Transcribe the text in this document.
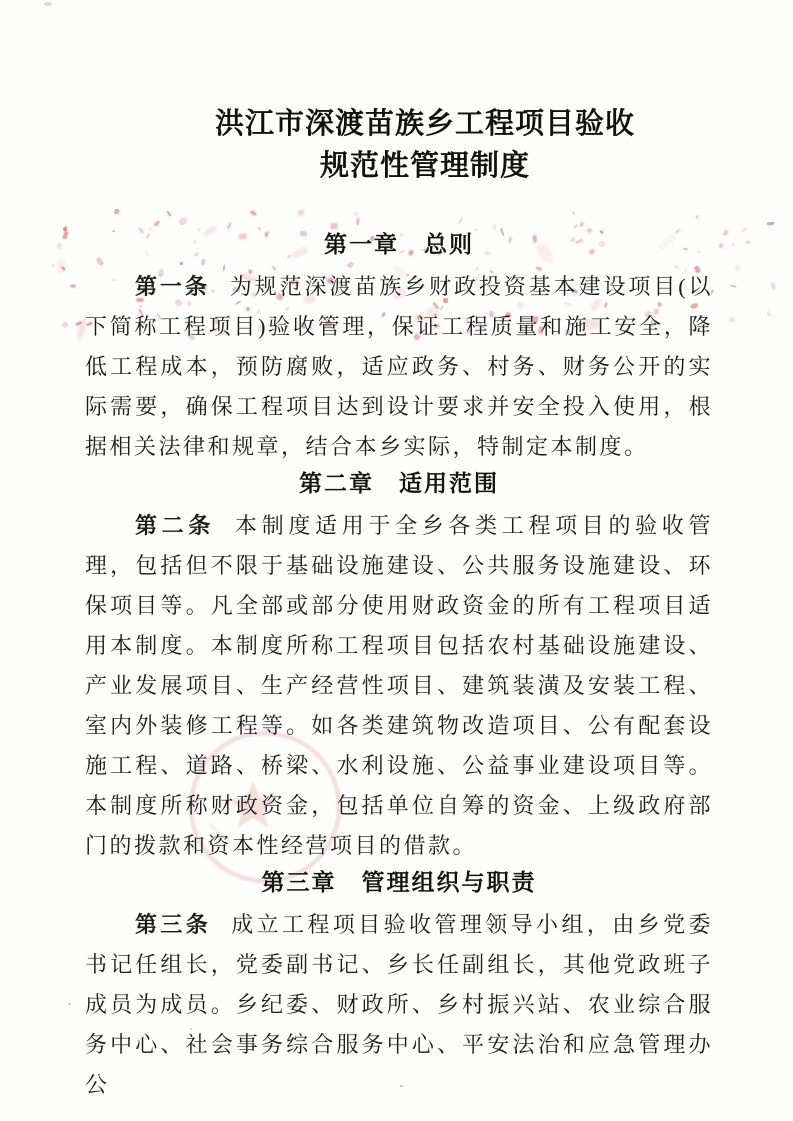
洪江市深渡苗族乡工程项目验收
规范性管理制度
第一章　总则

第一条 为规范深渡苗族乡财政投资基本建设项目(以下简称工程项目)验收管理，保证工程质量和施工安全，降低工程成本，预防腐败，适应政务、村务、财务公开的实际需要，确保工程项目达到设计要求并安全投入使用，根据相关法律和规章，结合本乡实际，特制定本制度。

第二章　适用范围

第二条 本制度适用于全乡各类工程项目的验收管理，包括但不限于基础设施建设、公共服务设施建设、环保项目等。凡全部或部分使用财政资金的所有工程项目适用本制度。本制度所称工程项目包括农村基础设施建设、产业发展项目、生产经营性项目、建筑装潢及安装工程、室内外装修工程等。如各类建筑物改造项目、公有配套设施工程、道路、桥梁、水利设施、公益事业建设项目等。本制度所称财政资金，包括单位自筹的资金、上级政府部门的拨款和资本性经营项目的借款。

第三章　管理组织与职责

第三条 成立工程项目验收管理领导小组，由乡党委书记任组长，党委副书记、乡长任副组长，其他党政班子成员为成员。乡纪委、财政所、乡村振兴站、农业综合服务中心、社会事务综合服务中心、平安法治和应急管理办公
